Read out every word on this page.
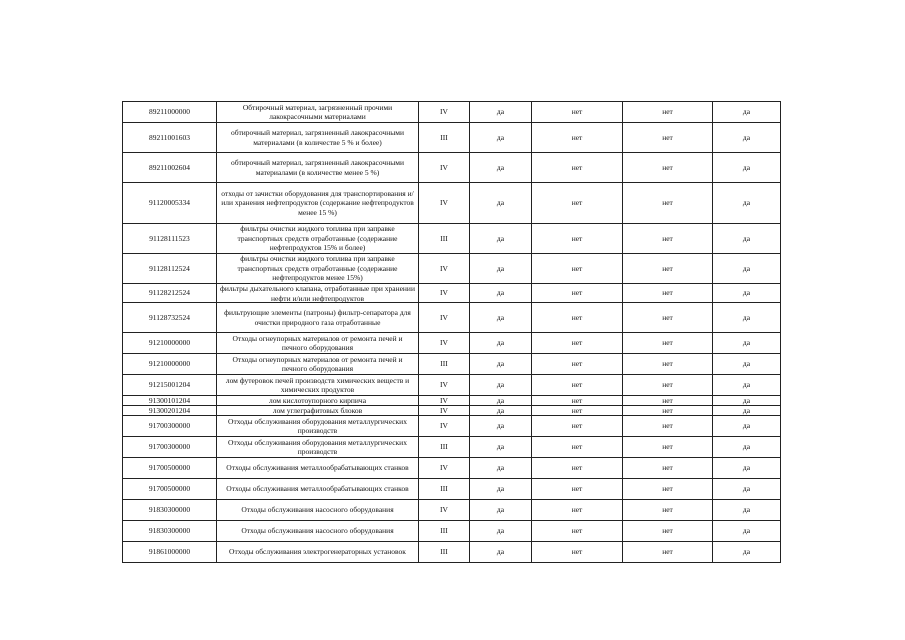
89211000000	Обтирочный материал, загрязненный прочими лакокрасочными материалами	IV	да	нет	нет	да
89211001603	обтирочный материал, загрязненный лакокрасочными материалами (в количестве 5 % и более)	III	да	нет	нет	да
89211002604	обтирочный материал, загрязненный лакокрасочными материалами (в количестве менее 5 %)	IV	да	нет	нет	да
91120005334	отходы от зачистки оборудования для транспортирования и/или хранения нефтепродуктов (содержание нефтепродуктов менее 15 %)	IV	да	нет	нет	да
91128111523	фильтры очистки жидкого топлива при заправке транспортных средств отработанные (содержание нефтепродуктов 15% и более)	III	да	нет	нет	да
91128112524	фильтры очистки жидкого топлива при заправке транспортных средств отработанные (содержание нефтепродуктов менее 15%)	IV	да	нет	нет	да
91128212524	фильтры дыхательного клапана, отработанные при хранении нефти и/или нефтепродуктов	IV	да	нет	нет	да
91128732524	фильтрующие элементы (патроны) фильтр-сепаратора для очистки природного газа отработанные	IV	да	нет	нет	да
91210000000	Отходы огнеупорных материалов от ремонта печей и печного оборудования	IV	да	нет	нет	да
91210000000	Отходы огнеупорных материалов от ремонта печей и печного оборудования	III	да	нет	нет	да
91215001204	лом футеровок печей производств химических веществ и химических продуктов	IV	да	нет	нет	да
91300101204	лом кислотоупорного кирпича	IV	да	нет	нет	да
91300201204	лом углеграфитовых блоков	IV	да	нет	нет	да
91700300000	Отходы обслуживания оборудования металлургических производств	IV	да	нет	нет	да
91700300000	Отходы обслуживания оборудования металлургических производств	III	да	нет	нет	да
91700500000	Отходы обслуживания металлообрабатывающих станков	IV	да	нет	нет	да
91700500000	Отходы обслуживания металлообрабатывающих станков	III	да	нет	нет	да
91830300000	Отходы обслуживания насосного оборудования	IV	да	нет	нет	да
91830300000	Отходы обслуживания насосного оборудования	III	да	нет	нет	да
91861000000	Отходы обслуживания электрогенераторных установок	III	да	нет	нет	да
